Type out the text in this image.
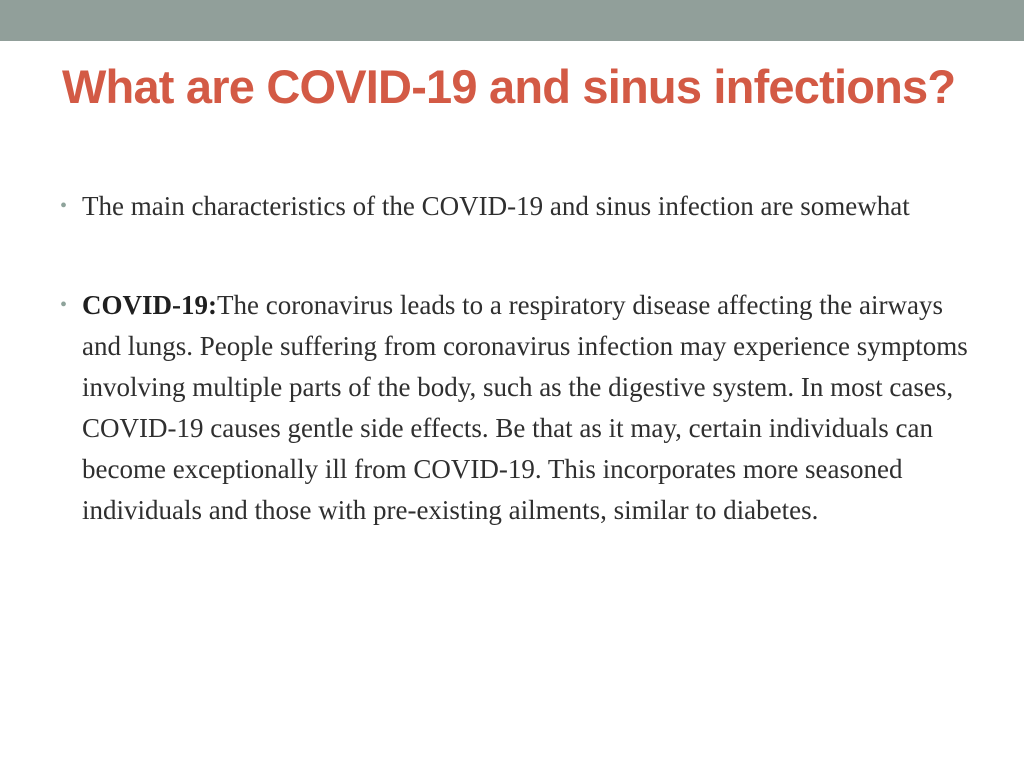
What are COVID-19 and sinus infections?
• The main characteristics of the COVID-19 and sinus infection are somewhat
• COVID-19:The coronavirus leads to a respiratory disease affecting the airways and lungs. People suffering from coronavirus infection may experience symptoms involving multiple parts of the body, such as the digestive system. In most cases, COVID-19 causes gentle side effects. Be that as it may, certain individuals can become exceptionally ill from COVID-19. This incorporates more seasoned individuals and those with pre-existing ailments, similar to diabetes.
